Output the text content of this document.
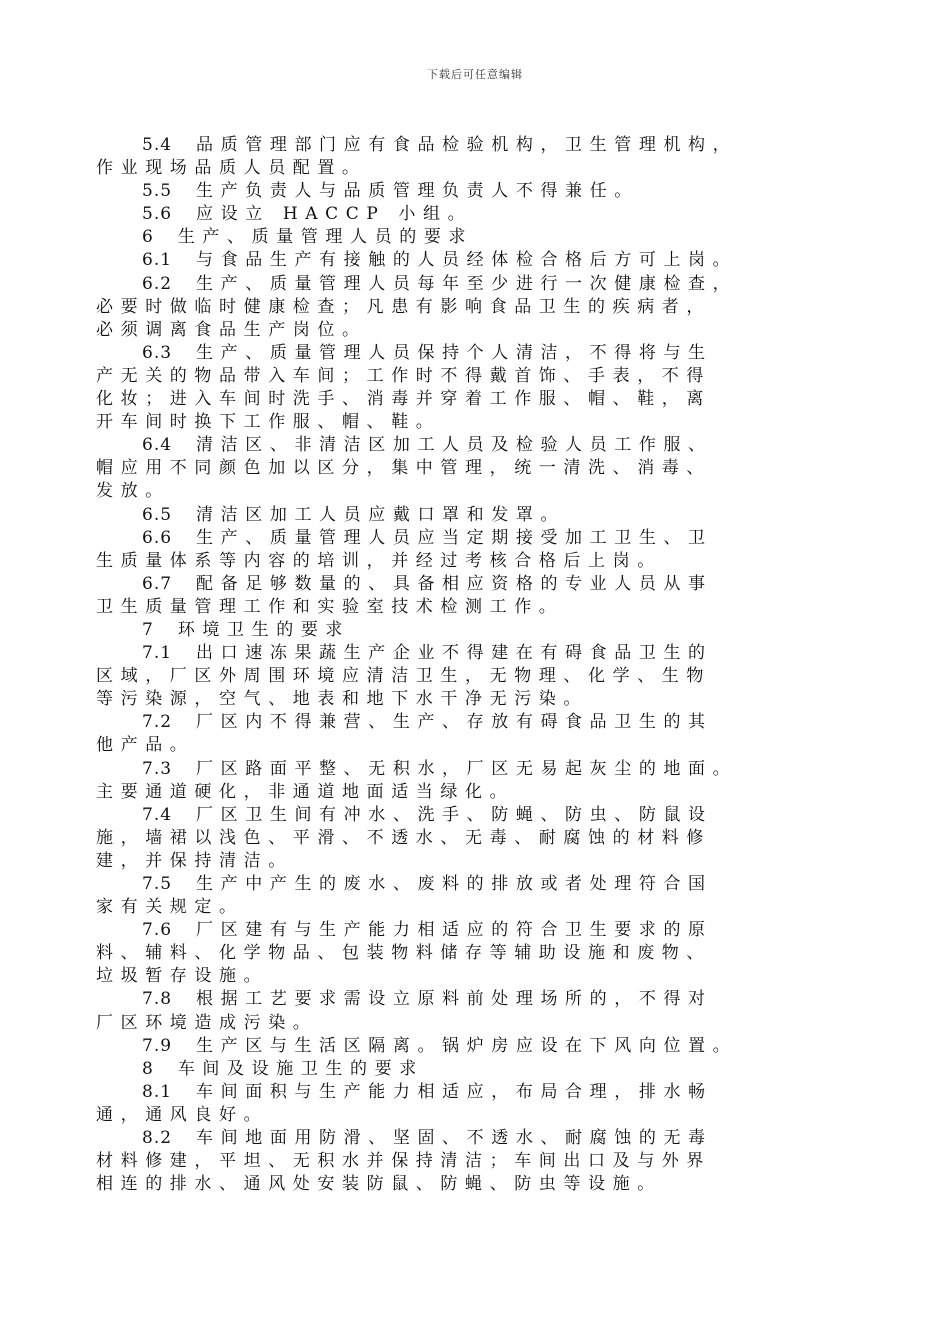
下载后可任意编辑
5.4 品质管理部门应有食品检验机构，卫生管理机构，
作业现场品质人员配置。
5.5 生产负责人与品质管理负责人不得兼任。
5.6 应设立 HACCP 小组。
6 生产、质量管理人员的要求
6.1 与食品生产有接触的人员经体检合格后方可上岗。
6.2 生产、质量管理人员每年至少进行一次健康检查，
必要时做临时健康检查；凡患有影响食品卫生的疾病者，
必须调离食品生产岗位。
6.3 生产、质量管理人员保持个人清洁，不得将与生
产无关的物品带入车间；工作时不得戴首饰、手表，不得
化妆；进入车间时洗手、消毒并穿着工作服、帽、鞋，离
开车间时换下工作服、帽、鞋。
6.4 清洁区、非清洁区加工人员及检验人员工作服、
帽应用不同颜色加以区分，集中管理，统一清洗、消毒、
发放。
6.5 清洁区加工人员应戴口罩和发罩。
6.6 生产、质量管理人员应当定期接受加工卫生、卫
生质量体系等内容的培训，并经过考核合格后上岗。
6.7 配备足够数量的、具备相应资格的专业人员从事
卫生质量管理工作和实验室技术检测工作。
7 环境卫生的要求
7.1 出口速冻果蔬生产企业不得建在有碍食品卫生的
区域，厂区外周围环境应清洁卫生，无物理、化学、生物
等污染源，空气、地表和地下水干净无污染。
7.2 厂区内不得兼营、生产、存放有碍食品卫生的其
他产品。
7.3 厂区路面平整、无积水，厂区无易起灰尘的地面。
主要通道硬化，非通道地面适当绿化。
7.4 厂区卫生间有冲水、洗手、防蝇、防虫、防鼠设
施，墙裙以浅色、平滑、不透水、无毒、耐腐蚀的材料修
建，并保持清洁。
7.5 生产中产生的废水、废料的排放或者处理符合国
家有关规定。
7.6 厂区建有与生产能力相适应的符合卫生要求的原
料、辅料、化学物品、包装物料储存等辅助设施和废物、
垃圾暂存设施。
7.8 根据工艺要求需设立原料前处理场所的，不得对
厂区环境造成污染。
7.9 生产区与生活区隔离。锅炉房应设在下风向位置。
8 车间及设施卫生的要求
8.1 车间面积与生产能力相适应，布局合理，排水畅
通，通风良好。
8.2 车间地面用防滑、坚固、不透水、耐腐蚀的无毒
材料修建，平坦、无积水并保持清洁；车间出口及与外界
相连的排水、通风处安装防鼠、防蝇、防虫等设施。
